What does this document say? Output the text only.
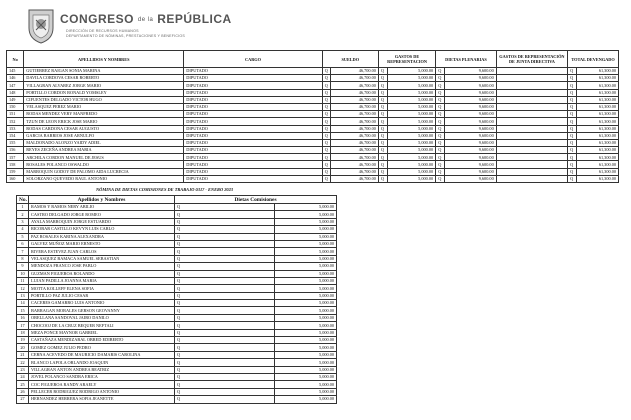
CONGRESO de la REPÚBLICA
DIRECCIÓN DE RECURSOS HUMANOS
DEPARTAMENTO DE NÓMINAS, PRESTACIONES Y BENEFICIOS
No	APELLIDOS Y NOMBRES	CARGO	SUELDO		GASTOS DE REPRESENTACION		DIETAS PLENARIAS		GASTOS DE REPRESENTACIÓN DE JUNTA DIRECTIVA	TOTAL DEVENGADO	
145	GUTIERREZ RAIGAN SONIA MARINA	DIPUTADO	Q	46,700.00	Q	5,000.00	Q	9,600.00		Q	61,300.00
146	DAVILA CORDOVA CESAR ROBERTO	DIPUTADO	Q	46,700.00	Q	5,000.00	Q	9,600.00		Q	61,300.00
147	VILLAGRAN ALVAREZ JORGE MARIO	DIPUTADO	Q	46,700.00	Q	5,000.00	Q	9,600.00		Q	61,300.00
148	PORTILLO CORDON RONALD YOMSLEY	DIPUTADO	Q	46,700.00	Q	5,000.00	Q	9,600.00		Q	61,300.00
149	CIFUENTES DELGADO VICTOR HUGO	DIPUTADO	Q	46,700.00	Q	5,000.00	Q	9,600.00		Q	61,300.00
150	VELASQUEZ PEREZ MARIO	DIPUTADO	Q	46,700.00	Q	5,000.00	Q	9,600.00		Q	61,300.00
151	RODAS MENDEZ VERY MANFREDO	DIPUTADO	Q	46,700.00	Q	5,000.00	Q	9,600.00		Q	61,300.00
152	TZUN DE LEON ERICK JOSE MARIO	DIPUTADO	Q	46,700.00	Q	5,000.00	Q	9,600.00		Q	61,300.00
153	RODAS CARDONA CESAR AUGUSTO	DIPUTADO	Q	46,700.00	Q	5,000.00	Q	9,600.00		Q	61,300.00
154	GARCIA BARRIOS JOSE ARNULFO	DIPUTADO	Q	46,700.00	Q	5,000.00	Q	9,600.00		Q	61,300.00
155	MALDONADO ALONZO YAIDY ADIEL	DIPUTADO	Q	46,700.00	Q	5,000.00	Q	9,600.00		Q	61,300.00
156	REYES ZECEÑA ANDREA MARIA	DIPUTADO	Q	46,700.00	Q	5,000.00	Q	9,600.00		Q	61,300.00
157	ARCHILA CORDON MANUEL DE JESUS	DIPUTADO	Q	46,700.00	Q	5,000.00	Q	9,600.00		Q	61,300.00
158	ROSALES POLANCO OSWALDO	DIPUTADO	Q	46,700.00	Q	5,000.00	Q	9,600.00		Q	61,300.00
159	MARROQUIN GODOY DE PALOMO AIDA LUCRECIA	DIPUTADO	Q	46,700.00	Q	5,000.00	Q	9,600.00		Q	61,300.00
160	SOLORZANO QUEVEDO RAUL ANTONIO	DIPUTADO	Q	46,700.00	Q	5,000.00	Q	9,600.00		Q	61,300.00
NÓMINA DE DIETAS COMISIONES DE TRABAJO 0317 - ENERO 2023
No.	Apellidos y Nombres	Dietas Comisiones	
1	RAMOS Y RAMOS NERY ABILIO	Q	5,000.00
2	CASTRO DELGADO JORGE ROMEO	Q	5,000.00
3	AYALA MARROQUIN JORGE ESTUARDO	Q	5,000.00
4	RICOBAR CASTILLO KEVYN LUIS CARLO	Q	5,000.00
5	PAZ ROSALES KARINA ALEXANDRA	Q	5,000.00
6	GALVEZ MUÑOZ MARIO ERNESTO	Q	5,000.00
7	RIVERA ESTEVEZ JUAN CARLOS	Q	5,000.00
8	VELASQUEZ BAMACA SAMUEL SEBASTIAN	Q	5,000.00
9	MENDOZA FRANCO JOSE PABLO	Q	5,000.00
10	GUZMAN FIGUEROA ROLANDO	Q	5,000.00
11	LUJAN PADILLA JOANNA MARIA	Q	5,000.00
12	MOTTA KOLLEFF ELENA SOFIA	Q	5,000.00
13	PORTILLO PAZ JULIO CESAR	Q	5,000.00
14	CACERES GAMARRO LUIS ANTONIO	Q	5,000.00
15	BARRAGAN MORALES GERSON GEOVANNY	Q	5,000.00
16	ORELLANA SANDOVAL JAIRO DANILO	Q	5,000.00
17	CHOCOOJ DE LA CRUZ BEQUER NEFTALI	Q	5,000.00
18	MEZA PONCE MAYNOR GABRIEL	Q	5,000.00
19	CASTAÑAZA MENDIZABAL OBRED EDIBERTO	Q	5,000.00
20	GOMEZ GOMEZ JULIO PEDRO	Q	5,000.00
21	CERNA ACEVEDO DE MAURICIO DAMARIS CAROLINA	Q	5,000.00
22	BLANCO LAPOLA ORLANDO JOAQUIN	Q	5,000.00
23	VILLAGRAN ANTON ANDREA BEATRIZ	Q	5,000.00
24	JOVEL POLANCO SANDRA ERICA	Q	5,000.00
25	COC FIGUEROA RANDY ARAELY	Q	5,000.00
26	PELLECER RODRIGUEZ RODRIGO ANTONIO	Q	5,000.00
27	HERNANDEZ HERRERA SOFIA JEANETTE	Q	5,000.00
